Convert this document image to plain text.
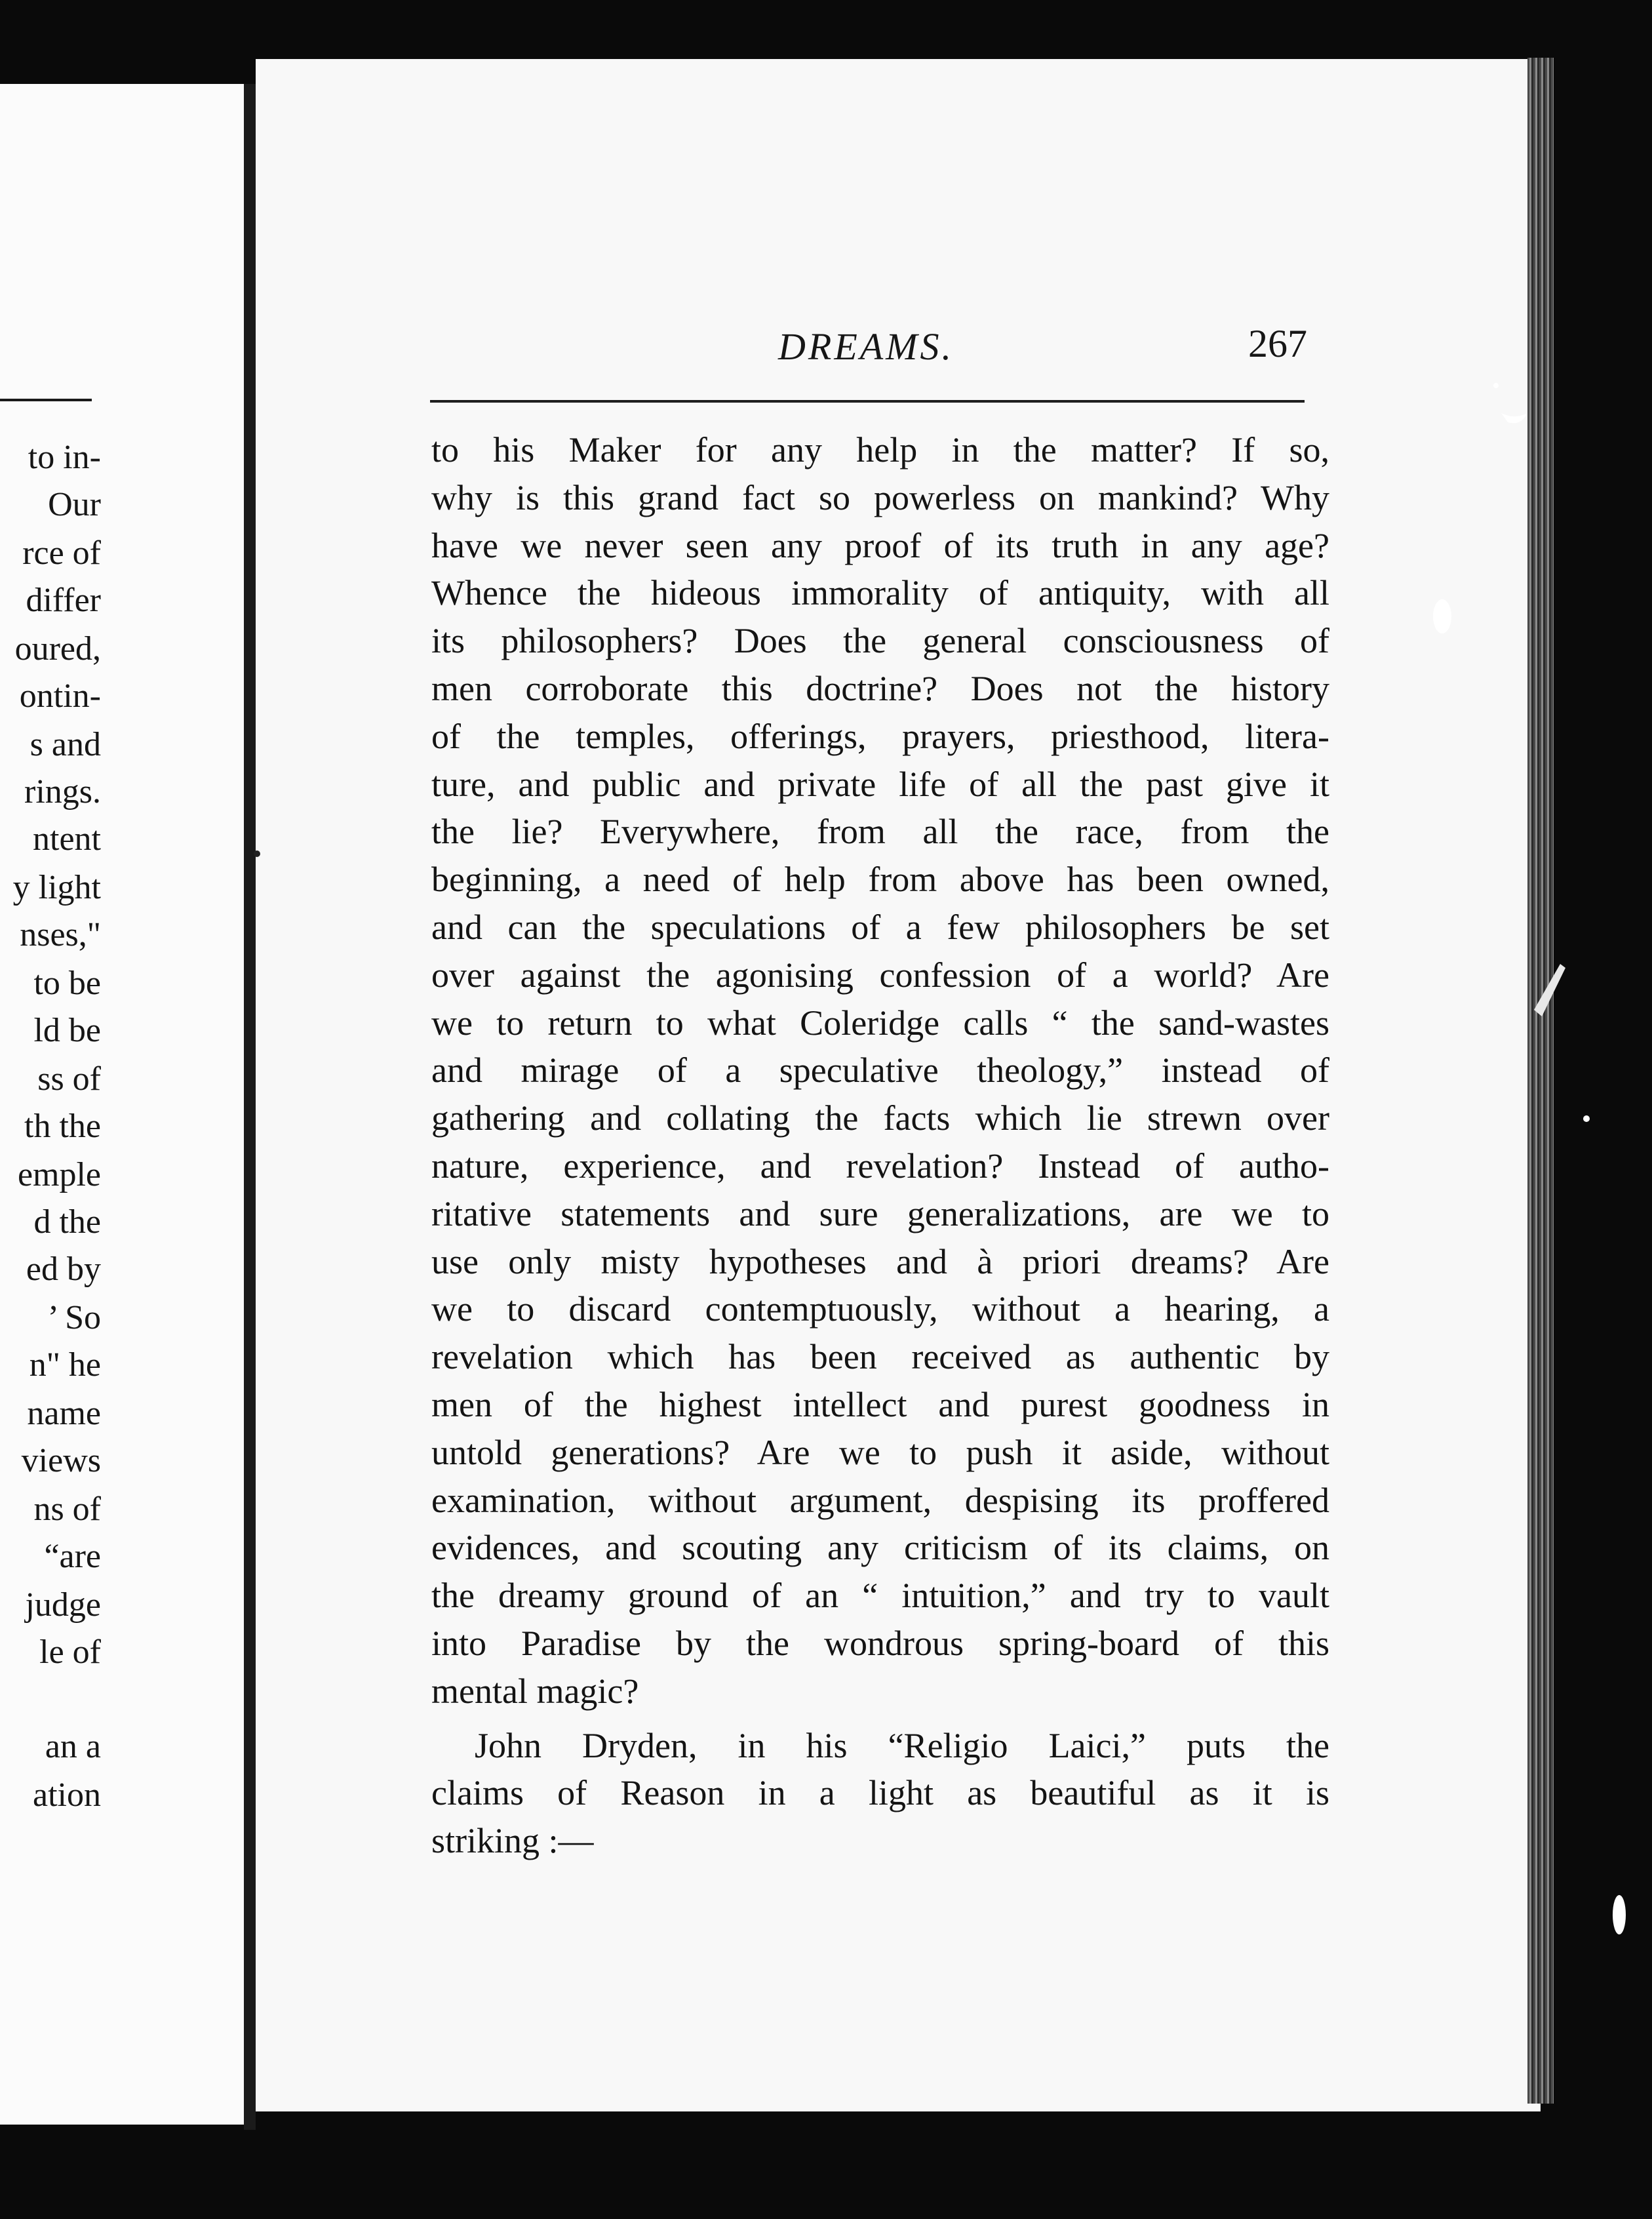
to in-
Our
rce of
differ
oured,
ontin-
s and
rings.
ntent
y light
nses,"
to be
ld be
ss of
th the
emple
d the
ed by
’ So
n" he
name
views
ns of
“are
judge
le of
an a
ation
DREAMS.	267
to his Maker for any help in the matter? If so,
why is this grand fact so powerless on mankind? Why
have we never seen any proof of its truth in any age?
Whence the hideous immorality of antiquity, with all
its philosophers? Does the general consciousness of
men corroborate this doctrine? Does not the history
of the temples, offerings, prayers, priesthood, litera-
ture, and public and private life of all the past give it
the lie? Everywhere, from all the race, from the
beginning, a need of help from above has been owned,
and can the speculations of a few philosophers be set
over against the agonising confession of a world? Are
we to return to what Coleridge calls “ the sand-wastes
and mirage of a speculative theology,” instead of
gathering and collating the facts which lie strewn over
nature, experience, and revelation? Instead of autho-
ritative statements and sure generalizations, are we to
use only misty hypotheses and à priori dreams? Are
we to discard contemptuously, without a hearing, a
revelation which has been received as authentic by
men of the highest intellect and purest goodness in
untold generations? Are we to push it aside, without
examination, without argument, despising its proffered
evidences, and scouting any criticism of its claims, on
the dreamy ground of an “ intuition,” and try to vault
into Paradise by the wondrous spring-board of this
mental magic?
John Dryden, in his “Religio Laici,” puts the
claims of Reason in a light as beautiful as it is
striking :—
